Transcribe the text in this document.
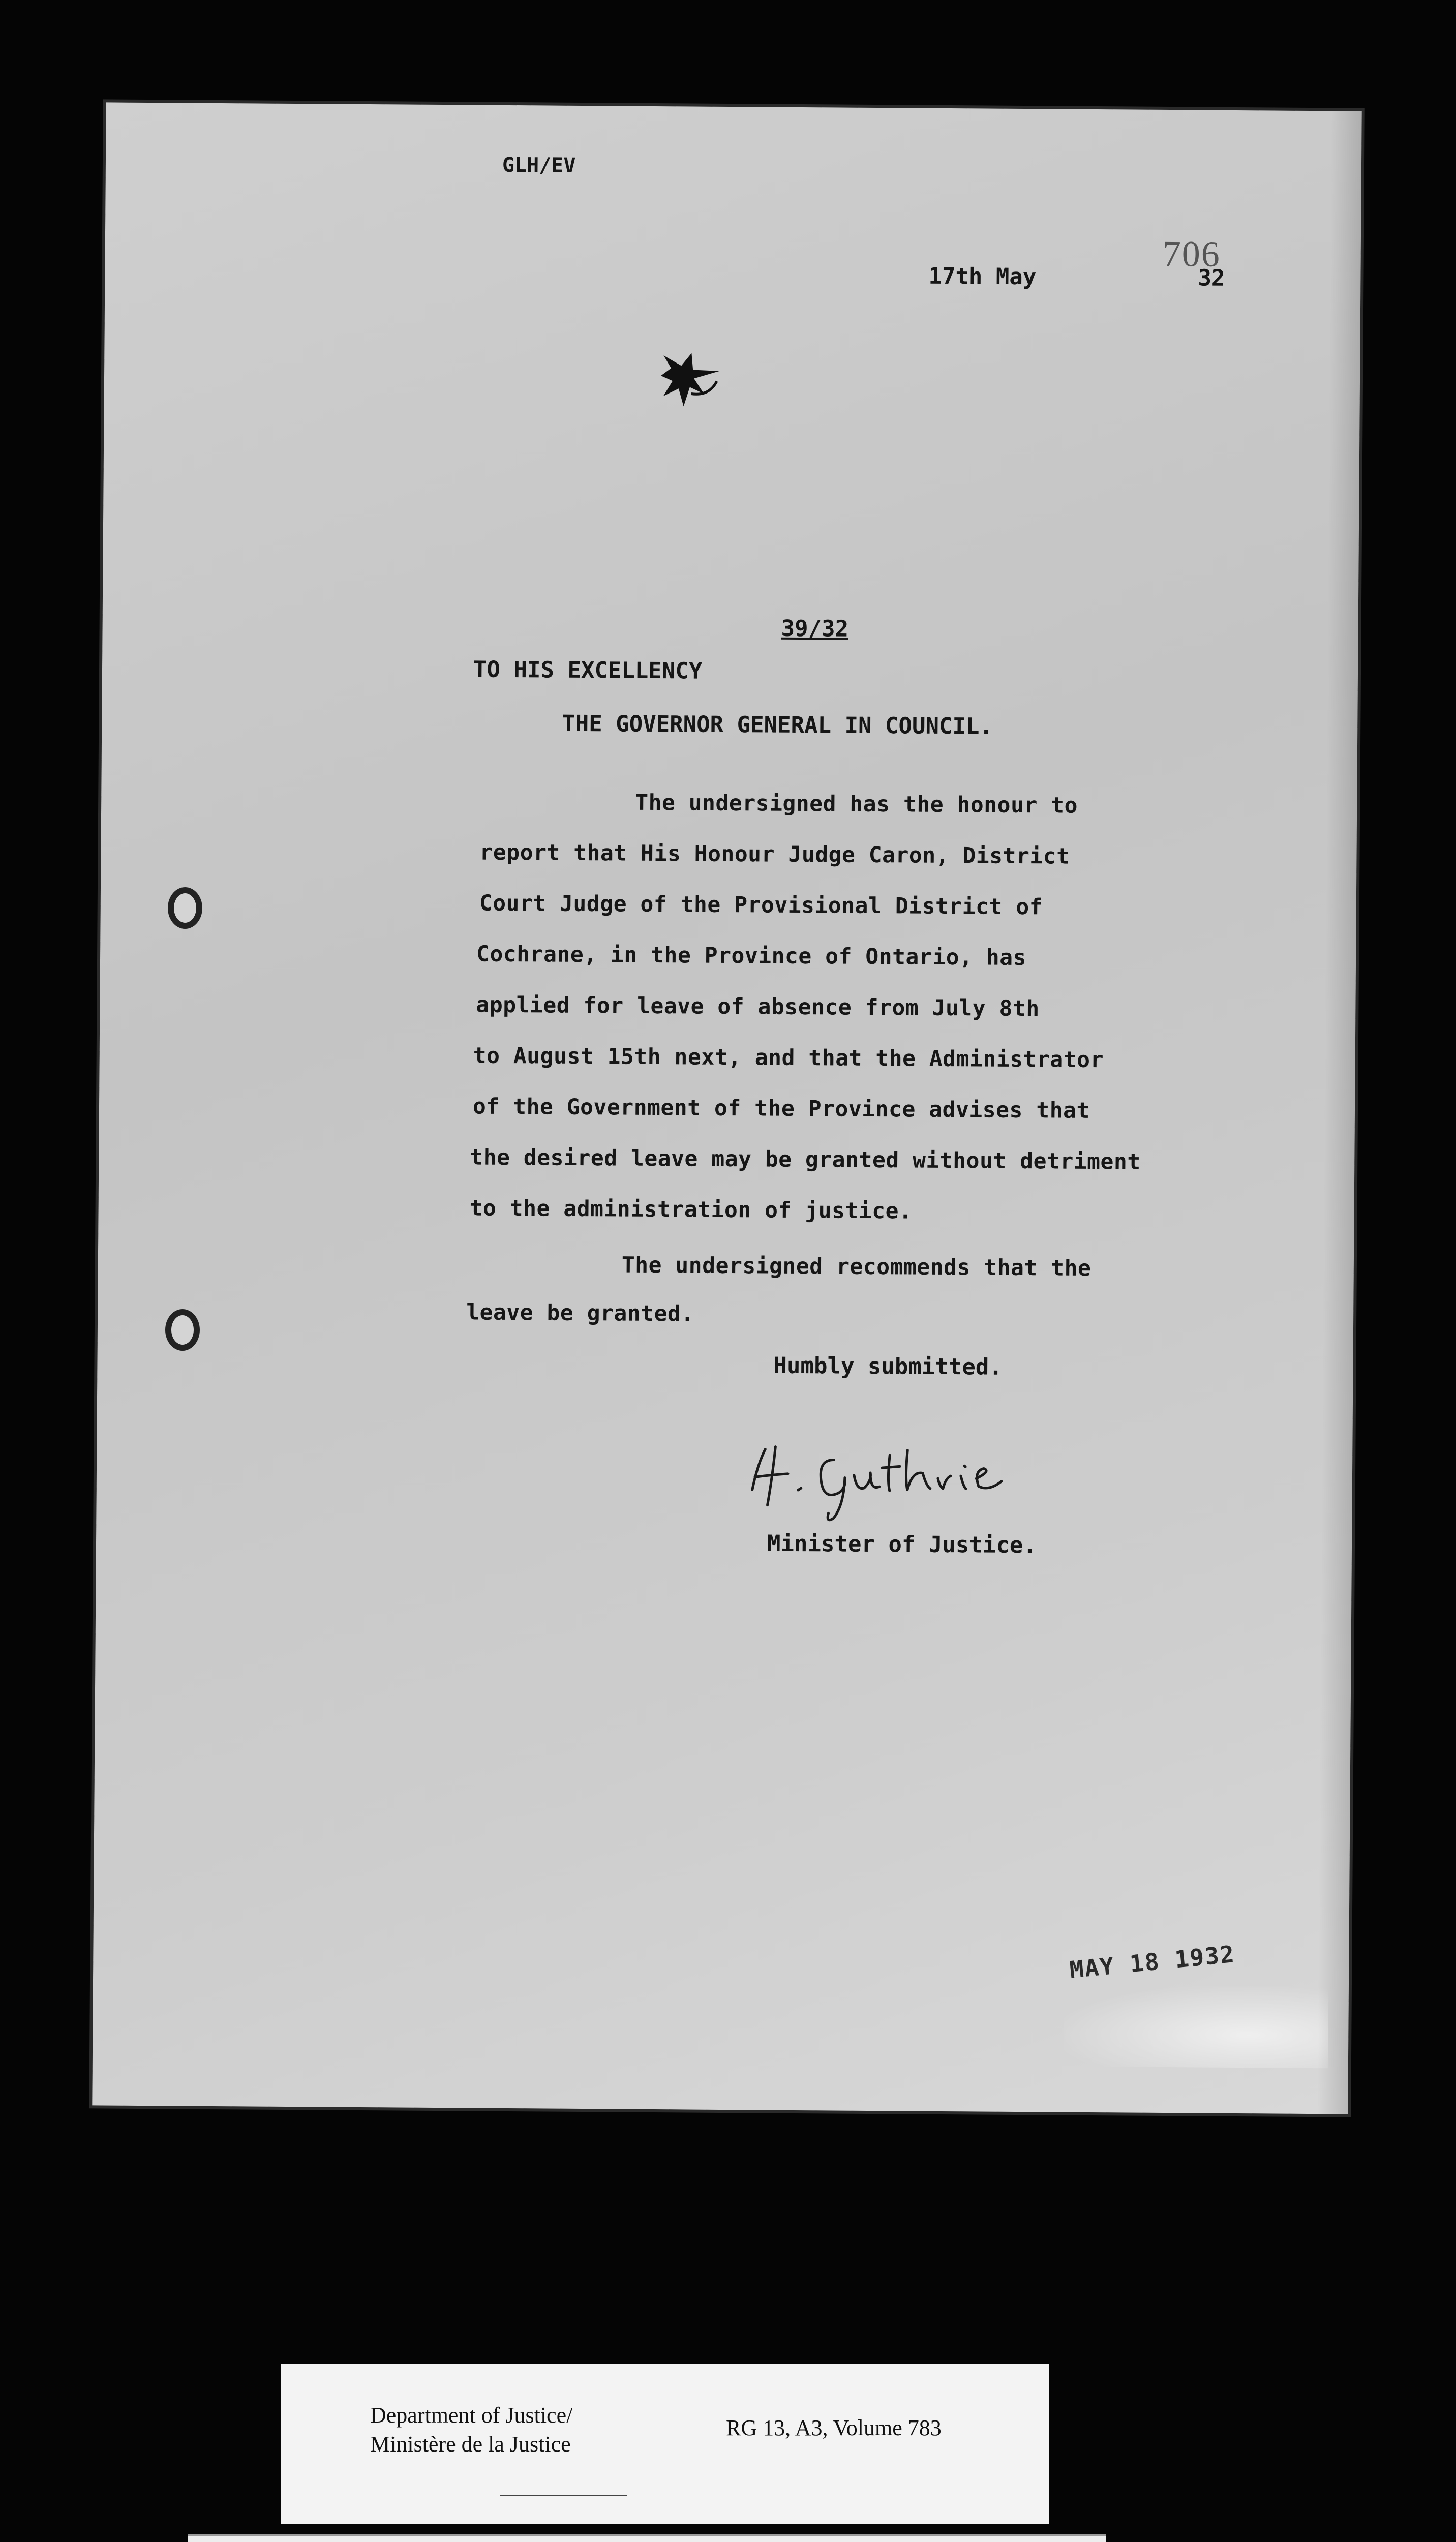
GLH/EV

706

17th May	32

39/32

TO HIS EXCELLENCY

THE GOVERNOR GENERAL IN COUNCIL.

The undersigned has the honour to

report that His Honour Judge Caron, District

Court Judge of the Provisional District of

Cochrane, in the Province of Ontario, has

applied for leave of absence from July 8th

to August 15th next, and that the Administrator

of the Government of the Province advises that

the desired leave may be granted without detriment

to the administration of justice.

The undersigned recommends that the

leave be granted.

Humbly submitted.

Minister of Justice.

MAY 18 1932

Department of Justice/

Ministère de la Justice

RG 13, A3, Volume 783
